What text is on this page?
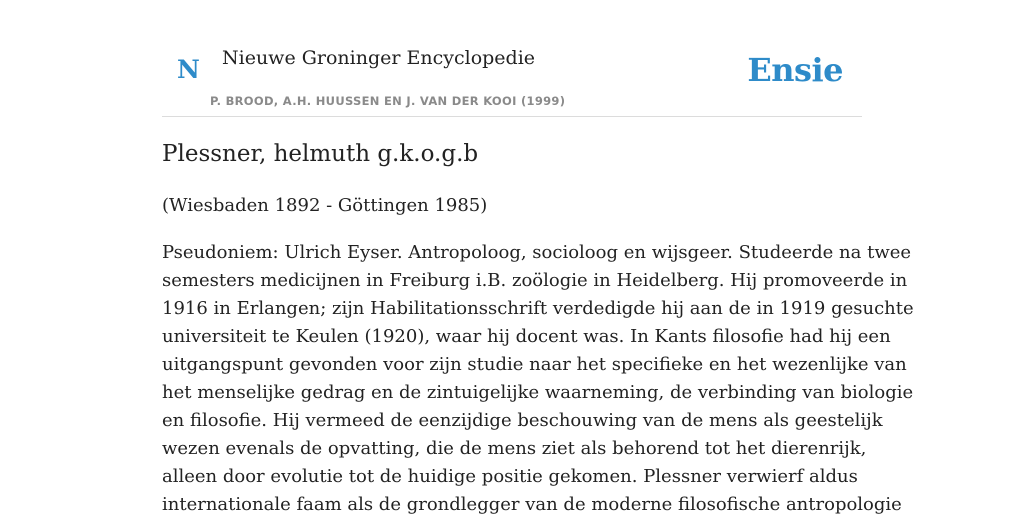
N Nieuwe Groninger Encyclopedie
P. BROOD, A.H. HUUSSEN EN J. VAN DER KOOI (1999)
Ensie
Plessner, helmuth g.k.o.g.b

(Wiesbaden 1892 - Göttingen 1985)

Pseudoniem: Ulrich Eyser. Antropoloog, socioloog en wijsgeer. Studeerde na twee
semesters medicijnen in Freiburg i.B. zoölogie in Heidelberg. Hij promoveerde in
1916 in Erlangen; zijn Habilitationsschrift verdedigde hij aan de in 1919 gesuchte
universiteit te Keulen (1920), waar hij docent was. In Kants filosofie had hij een
uitgangspunt gevonden voor zijn studie naar het specifieke en het wezenlijke van
het menselijke gedrag en de zintuigelijke waarneming, de verbinding van biologie
en filosofie. Hij vermeed de eenzijdige beschouwing van de mens als geestelijk
wezen evenals de opvatting, die de mens ziet als behorend tot het dierenrijk,
alleen door evolutie tot de huidige positie gekomen. Plessner verwierf aldus
internationale faam als de grondlegger van de moderne filosofische antropologie
